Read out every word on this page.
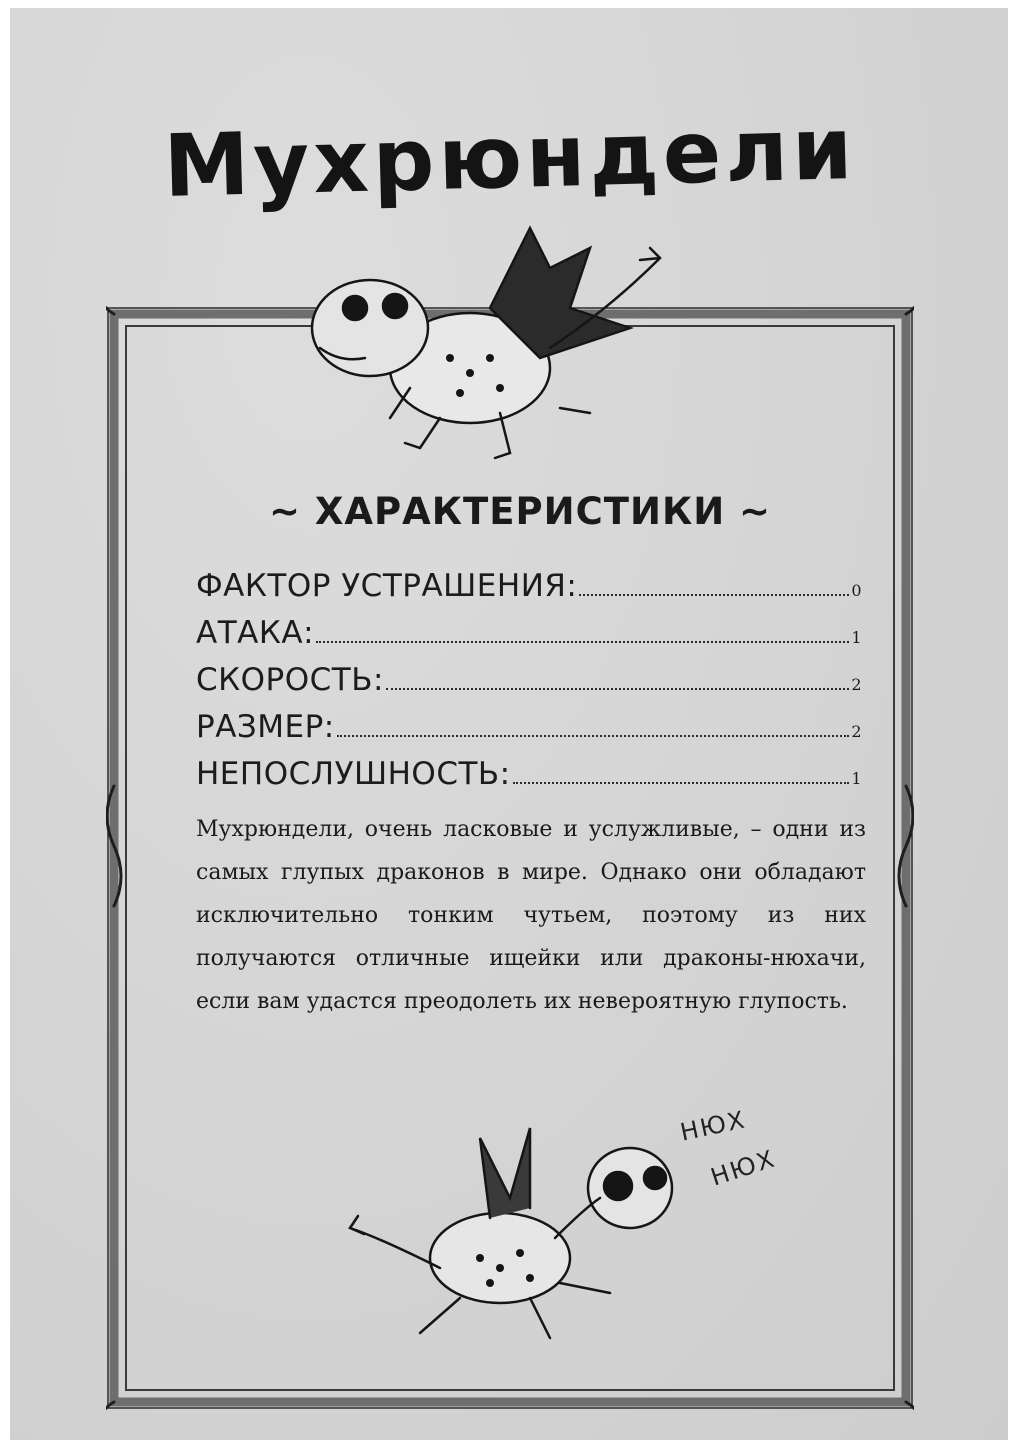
Мухрюндели
~ ХАРАКТЕРИСТИКИ ~
ФАКТОР УСТРАШЕНИЯ:	0
АТАКА:	1
СКОРОСТЬ:	2
РАЗМЕР:	2
НЕПОСЛУШНОСТЬ:	1

Мухрюндели, очень ласковые и услужливые, – одни из самых глупых драконов в мире. Однако они обладают исключительно тонким чутьем, поэтому из них получаются отличные ищейки или драконы-нюхачи, если вам удастся преодолеть их невероятную глупость.

НЮХ
НЮХ
